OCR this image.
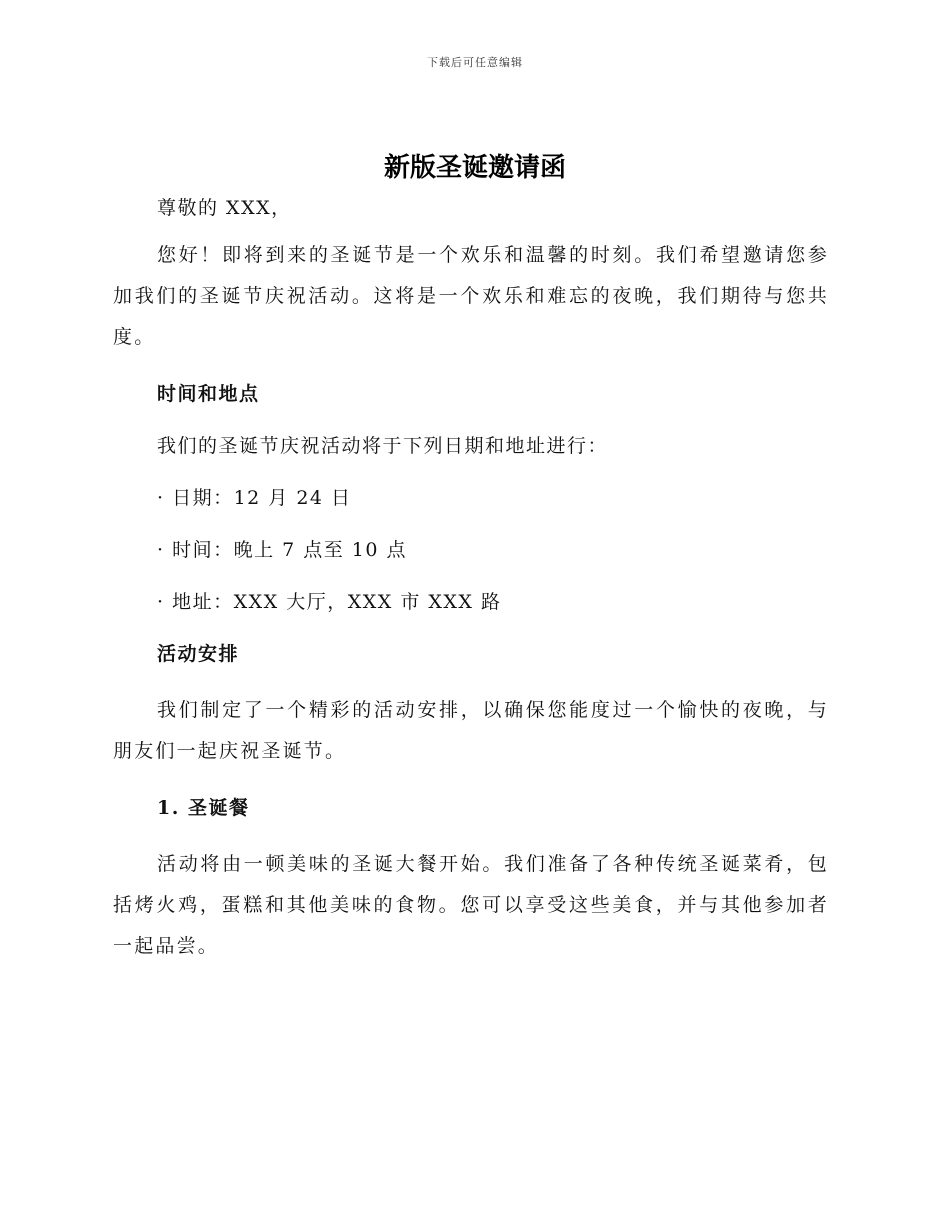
下载后可任意编辑
新版圣诞邀请函

尊敬的 XXX，

您好！即将到来的圣诞节是一个欢乐和温馨的时刻。我们希望邀请您参加我们的圣诞节庆祝活动。这将是一个欢乐和难忘的夜晚，我们期待与您共度。

时间和地点

我们的圣诞节庆祝活动将于下列日期和地址进行：

· 日期：12 月 24 日

· 时间：晚上 7 点至 10 点

· 地址：XXX 大厅，XXX 市 XXX 路

活动安排

我们制定了一个精彩的活动安排，以确保您能度过一个愉快的夜晚，与朋友们一起庆祝圣诞节。

1. 圣诞餐

活动将由一顿美味的圣诞大餐开始。我们准备了各种传统圣诞菜肴，包括烤火鸡，蛋糕和其他美味的食物。您可以享受这些美食，并与其他参加者一起品尝。
